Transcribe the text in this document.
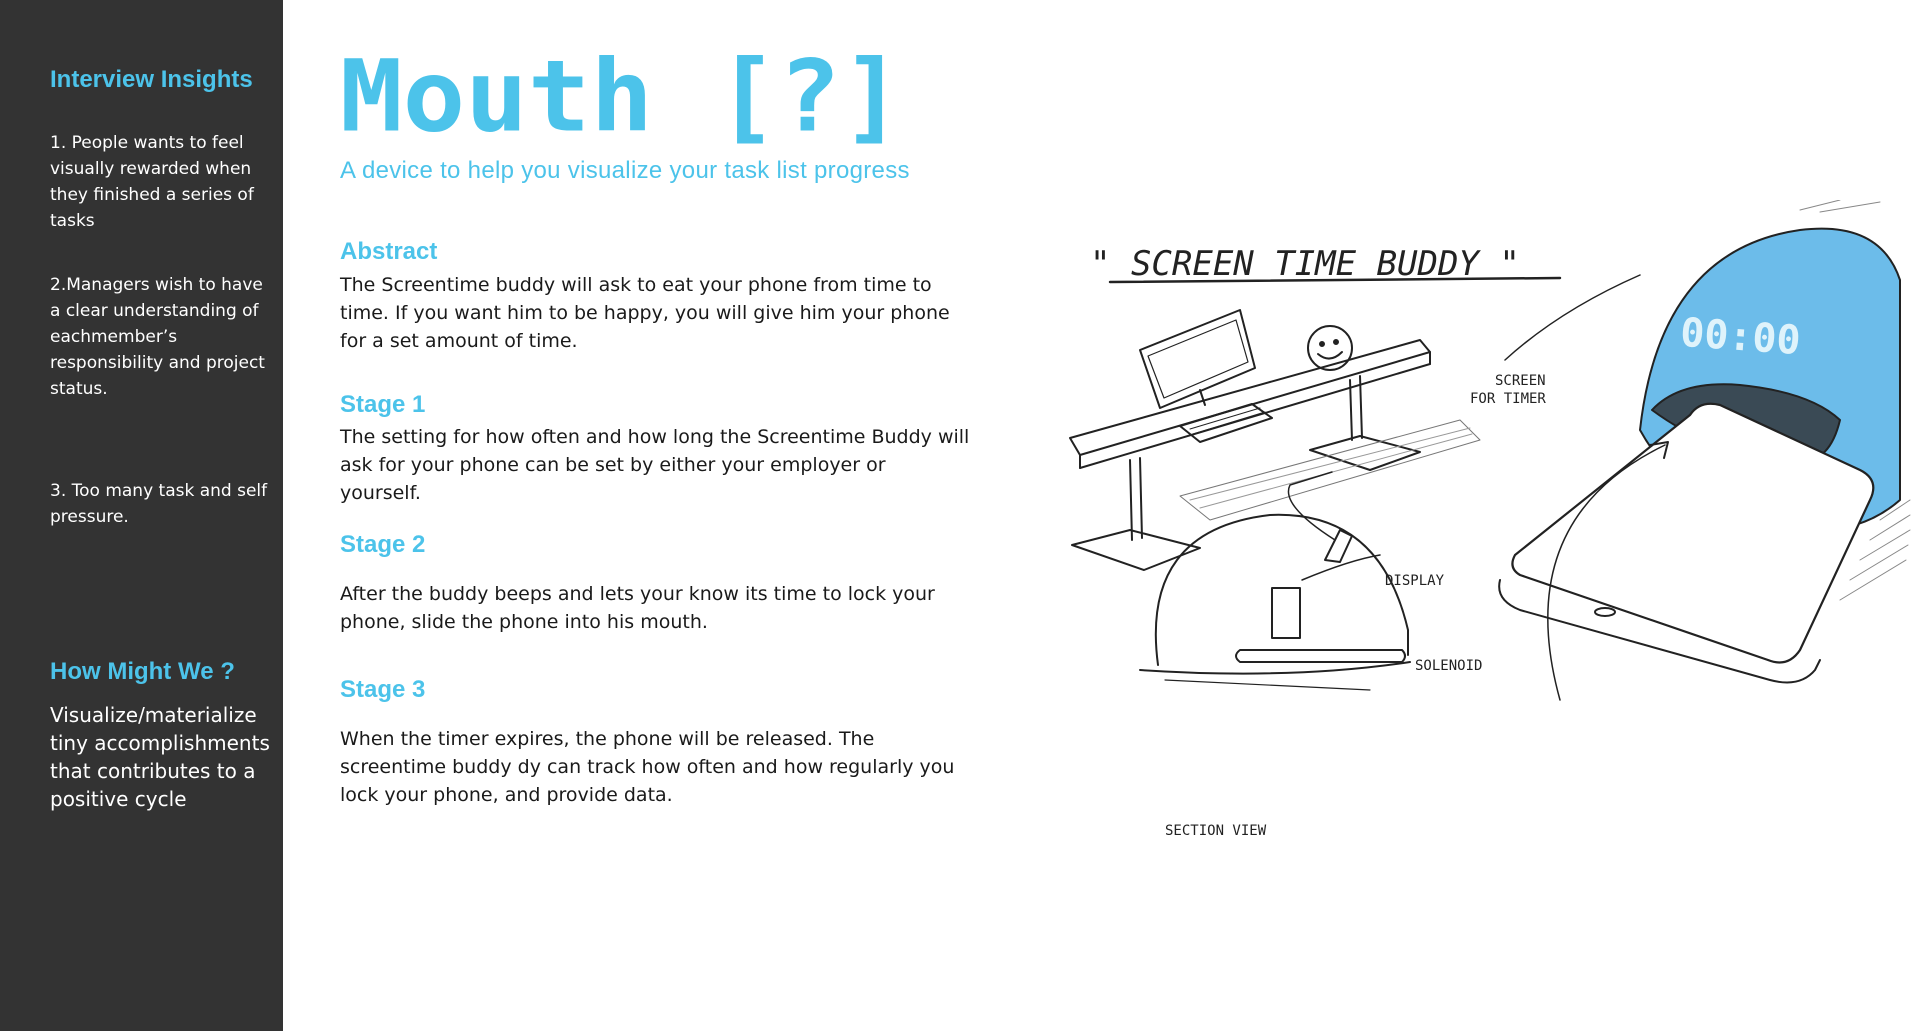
Interview Insights

1. People wants to feel visually rewarded when they finished a series of tasks

2.Managers wish to have a clear understanding of eachmember’s responsibility and project status.

3. Too many task and self pressure.

How Might We ?

Visualize/materialize tiny accomplishments that contributes to a positive cycle

Mouth [?]

A device to help you visualize your task list progress

Abstract

The Screentime buddy will ask to eat your phone from time to time. If you want him to be happy, you will give him your phone for a set amount of time.

Stage 1

The setting for how often and how long the Screentime Buddy will ask for your phone can be set by either your employer or yourself.

Stage 2

After the buddy beeps and lets your know its time to lock your phone, slide the phone into his mouth.

Stage 3

When the timer expires, the phone will be released. The screentime buddy dy can track how often and how regularly you lock your phone, and provide data.

" SCREEN TIME BUDDY "
SCREEN
FOR TIMER
DISPLAY
SOLENOID
SECTION VIEW
00:00
